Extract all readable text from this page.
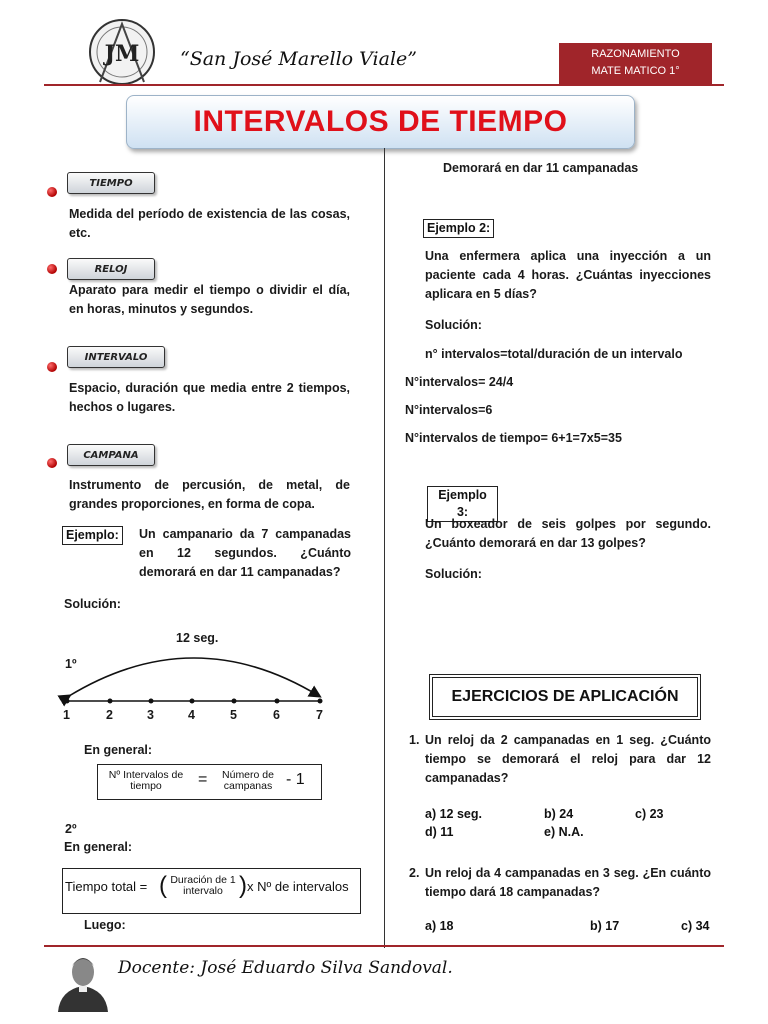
JM “San José Marello Viale”	RAZONAMIENTO
MATE MATICO 1°
INTERVALOS DE TIEMPO
TIEMPO
Medida del período de existencia de las cosas, etc.
RELOJ
Aparato para medir el tiempo o dividir el día, en horas, minutos y segundos.
INTERVALO
Espacio, duración que media entre 2 tiempos, hechos o lugares.
CAMPANA
Instrumento de percusión, de metal, de grandes proporciones, en forma de copa.
Ejemplo:	Un campanario da 7 campanadas en 12 segundos. ¿Cuánto demorará en dar 11 campanadas?
Solución:
1º
12 seg.
1	2	3	4	5	6	7
En general:
Nº Intervalos de tiempo	=	Número de campanas - 1
2º
En general:
Tiempo total = ( Duración de 1
intervalo ) x Nº de intervalos
Luego:
Demorará en dar 11 campanadas
Ejemplo 2:
Una enfermera aplica una inyección a un paciente cada 4 horas. ¿Cuántas inyecciones aplicara en 5 días?
Solución:
n° intervalos=total/duración de un intervalo
N°intervalos= 24/4
N°intervalos=6
N°intervalos de tiempo= 6+1=7x5=35
Ejemplo 3:
Un boxeador de seis golpes por segundo. ¿Cuánto demorará en dar 13 golpes?
Solución:
EJERCICIOS DE APLICACIÓN
1. Un reloj da 2 campanadas en 1 seg. ¿Cuánto tiempo se demorará el reloj para dar 12 campanadas?
a) 12 seg.	b) 24	c) 23
d) 11	e) N.A.
2. Un reloj da 4 campanadas en 3 seg. ¿En cuánto tiempo dará 18 campanadas?
a) 18	b) 17	c) 34
Docente: José Eduardo Silva Sandoval.
